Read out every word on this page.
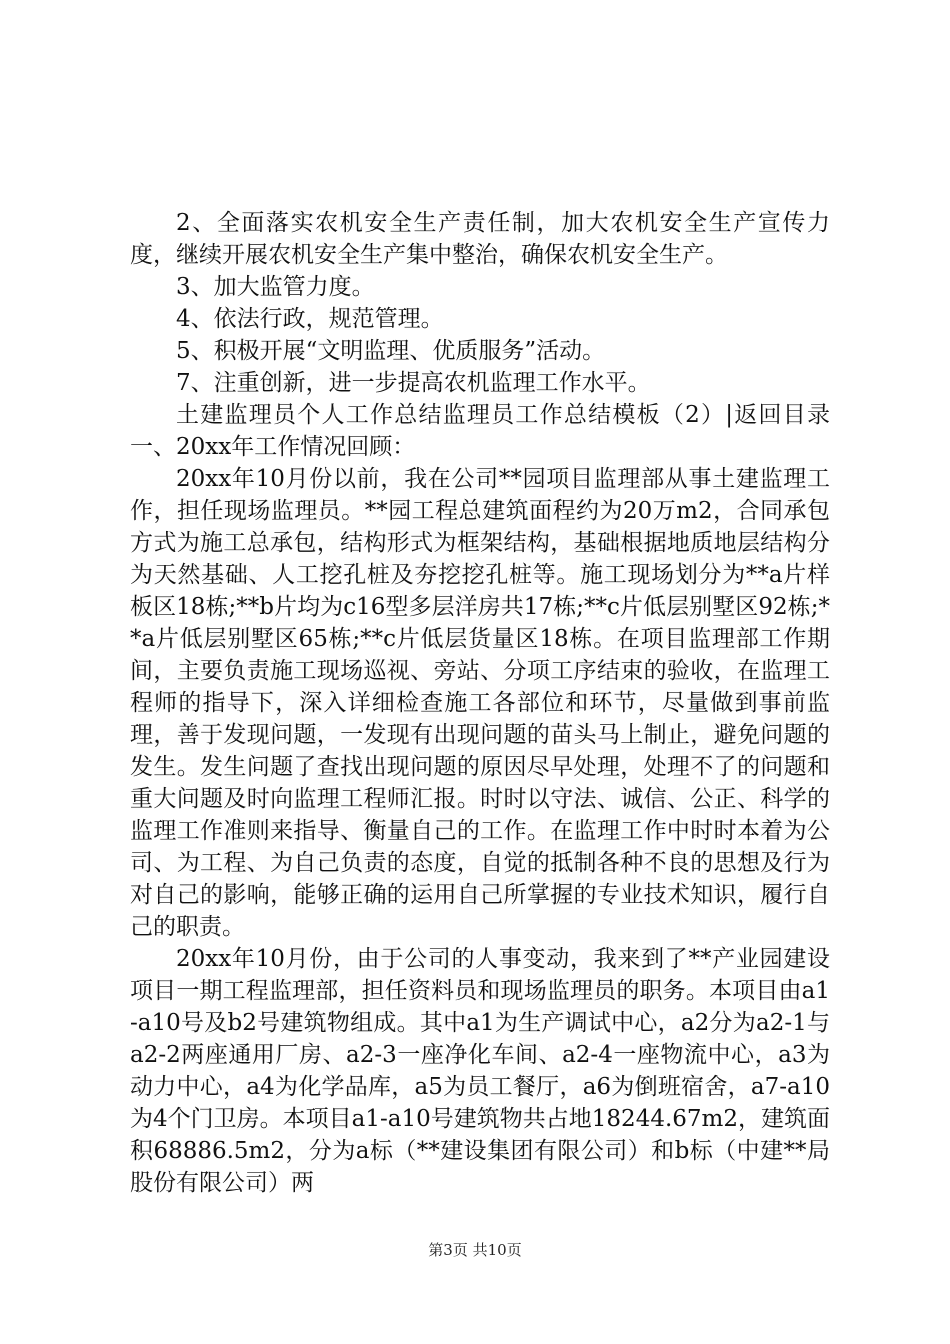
2、全面落实农机安全生产责任制，加大农机安全生产宣传力度，继续开展农机安全生产集中整治，确保农机安全生产。

3、加大监管力度。

4、依法行政，规范管理。

5、积极开展“文明监理、优质服务”活动。

7、注重创新，进一步提高农机监理工作水平。

土建监理员个人工作总结监理员工作总结模板（2）|返回目录一、20xx年工作情况回顾：

20xx年10月份以前，我在公司**园项目监理部从事土建监理工作，担任现场监理员。**园工程总建筑面程约为20万m2，合同承包方式为施工总承包，结构形式为框架结构，基础根据地质地层结构分为天然基础、人工挖孔桩及夯挖挖孔桩等。施工现场划分为**a片样板区18栋;**b片均为c16型多层洋房共17栋;**c片低层别墅区92栋;**a片低层别墅区65栋;**c片低层货量区18栋。在项目监理部工作期间，主要负责施工现场巡视、旁站、分项工序结束的验收，在监理工程师的指导下，深入详细检查施工各部位和环节，尽量做到事前监理，善于发现问题，一发现有出现问题的苗头马上制止，避免问题的发生。发生问题了查找出现问题的原因尽早处理，处理不了的问题和重大问题及时向监理工程师汇报。时时以守法、诚信、公正、科学的监理工作准则来指导、衡量自己的工作。在监理工作中时时本着为公司、为工程、为自己负责的态度，自觉的抵制各种不良的思想及行为对自己的影响，能够正确的运用自己所掌握的专业技术知识，履行自己的职责。

20xx年10月份，由于公司的人事变动，我来到了**产业园建设项目一期工程监理部，担任资料员和现场监理员的职务。本项目由a1-a10号及b2号建筑物组成。其中a1为生产调试中心，a2分为a2-1与a2-2两座通用厂房、a2-3一座净化车间、a2-4一座物流中心，a3为动力中心，a4为化学品库，a5为员工餐厅，a6为倒班宿舍，a7-a10为4个门卫房。本项目a1-a10号建筑物共占地18244.67m2，建筑面积68886.5m2，分为a标（**建设集团有限公司）和b标（中建**局股份有限公司）两

第3页 共10页
